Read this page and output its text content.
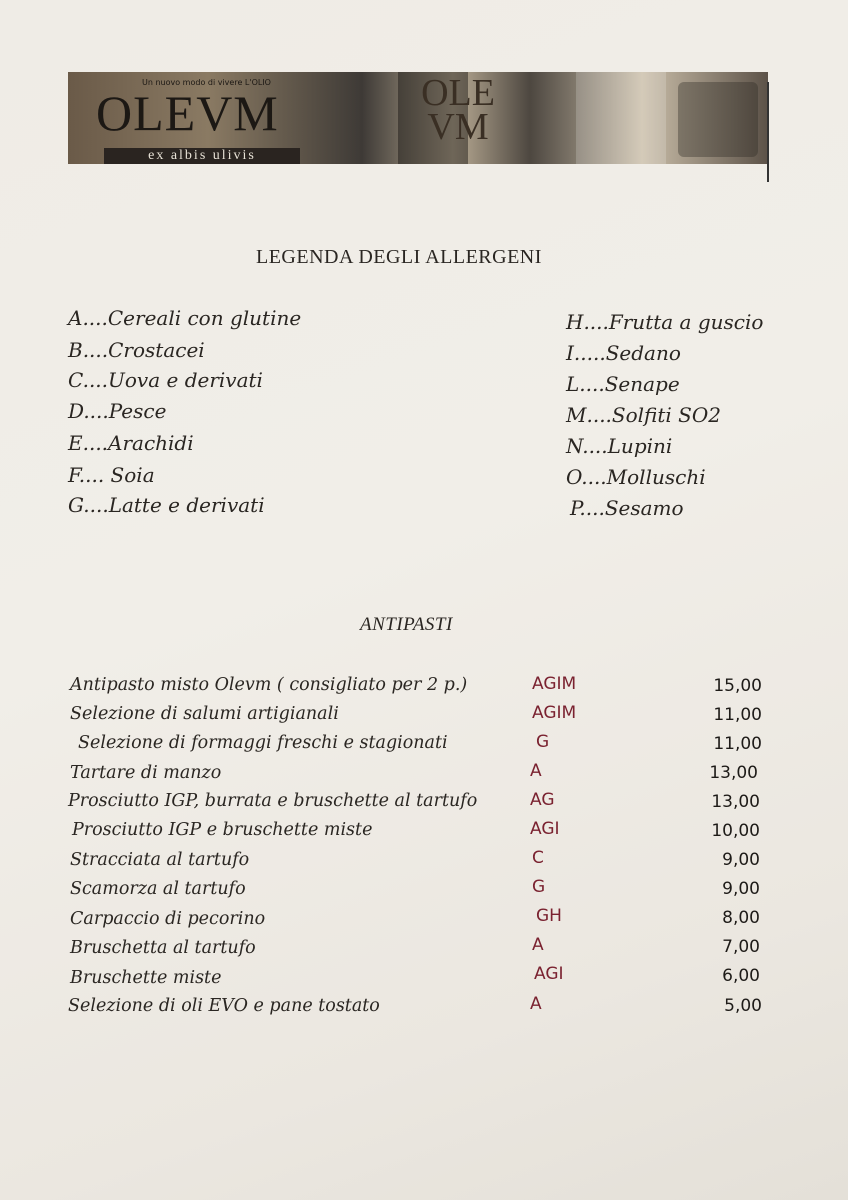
Un nuovo modo di vivere L'OLIO
OLEVM
ex albis ulivis
OLE
VM
LEGENDA DEGLI ALLERGENI
A....Cereali con glutine
B....Crostacei
C....Uova e derivati
D....Pesce
E....Arachidi
F.... Soia
G....Latte e derivati
H....Frutta a guscio
I.....Sedano
L....Senape
M....Solfiti SO2
N....Lupini
O....Molluschi
P....Sesamo
ANTIPASTI
Antipasto misto Olevm ( consigliato per 2 p.)	AGIM	15,00
Selezione di salumi artigianali	AGIM	11,00
Selezione di formaggi freschi e stagionati	G	11,00
Tartare di manzo	A	13,00
Prosciutto IGP, burrata e bruschette al tartufo	AG	13,00
Prosciutto IGP e bruschette miste	AGI	10,00
Stracciata al tartufo	C	9,00
Scamorza al tartufo	G	9,00
Carpaccio di pecorino	GH	8,00
Bruschetta al tartufo	A	7,00
Bruschette miste	AGI	6,00
Selezione di oli EVO e pane tostato	A	5,00
